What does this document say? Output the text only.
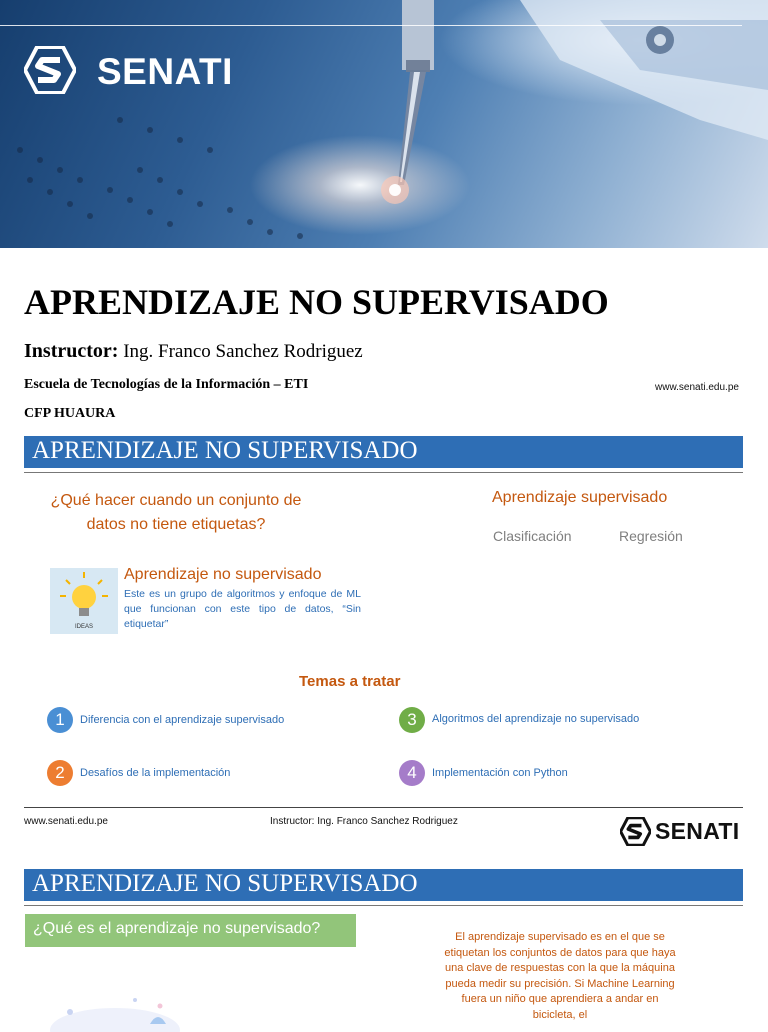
SENATI
APRENDIZAJE NO SUPERVISADO
Instructor: Ing. Franco Sanchez Rodriguez
Escuela de Tecnologías de la Información – ETI
CFP HUAURA
www.senati.edu.pe
APRENDIZAJE NO SUPERVISADO
¿Qué hacer cuando un conjunto de datos no tiene etiquetas?
Aprendizaje supervisado
Clasificación	Regresión
IDEAS
Aprendizaje no supervisado
Este es un grupo de algoritmos y enfoque de ML que funcionan con este tipo de datos, “Sin etiquetar”
Temas a tratar
1	Diferencia con el aprendizaje supervisado
2	Desafíos de la implementación
3	Algoritmos del aprendizaje no supervisado
4	Implementación con Python
www.senati.edu.pe	Instructor: Ing. Franco Sanchez Rodriguez	SENATI
APRENDIZAJE NO SUPERVISADO
¿Qué es el aprendizaje no supervisado?	El aprendizaje supervisado es en el que se etiquetan los conjuntos de datos para que haya una clave de respuestas con la que la máquina pueda medir su precisión. Si Machine Learning fuera un niño que aprendiera a andar en bicicleta, el
